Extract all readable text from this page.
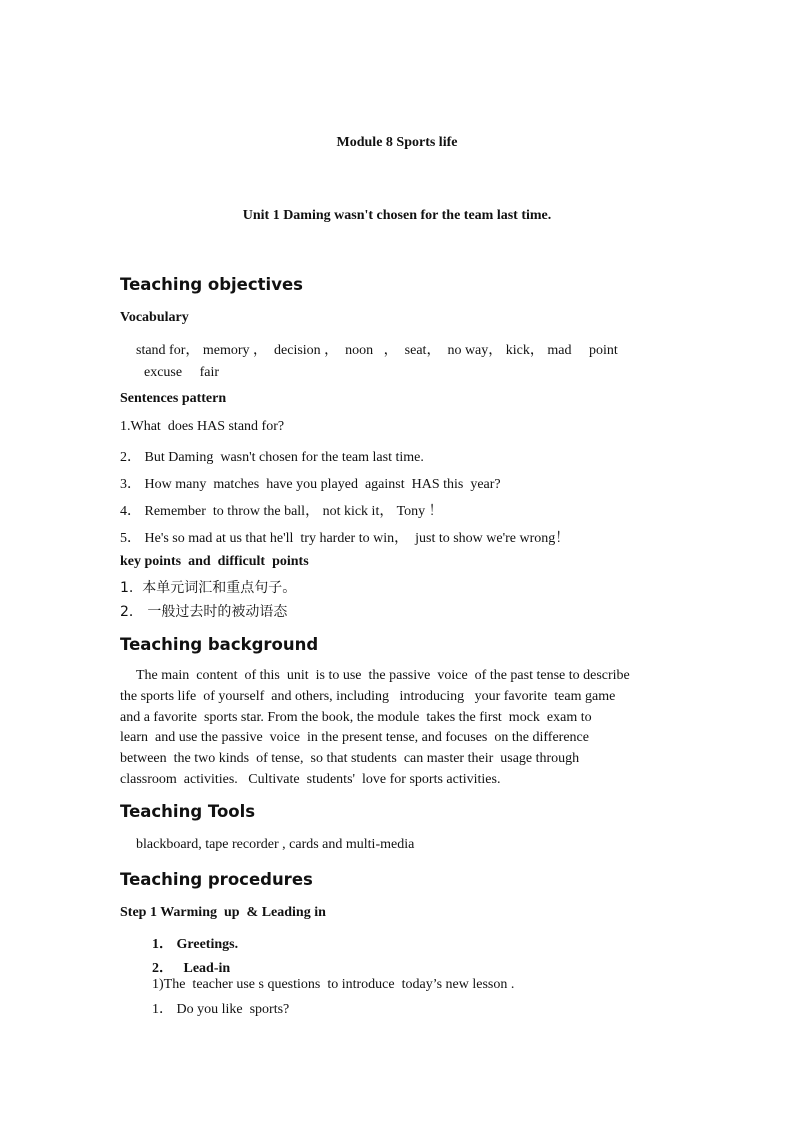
Module 8 Sports life
Unit 1 Daming wasn't chosen for the team last time.
Teaching objectives
Vocabulary
stand for， memory ，  decision ，  noon   ，  seat，  no way， kick， mad     point
excuse     fair
Sentences pattern
1.What  does HAS stand for?
2． But Daming  wasn't chosen for the team last time.
3． How many  matches  have you played  against  HAS this  year?
4． Remember  to throw the ball， not kick it， Tony ！
5． He's so mad at us that he'll  try harder to win，  just to show we're wrong！
key points  and  difficult  points
1.  本单元词汇和重点句子。
2． 一般过去时的被动语态
Teaching background
The main  content  of this  unit  is to use  the passive  voice  of the past tense to describe
the sports life  of yourself  and others, including   introducing   your favorite  team game
and a favorite  sports star. From the book, the module  takes the first  mock  exam to
learn  and use the passive  voice  in the present tense, and focuses  on the difference
between  the two kinds  of tense,  so that students  can master their  usage through
classroom  activities.   Cultivate  students'  love for sports activities.
Teaching Tools
blackboard, tape recorder , cards and multi-media
Teaching procedures
Step 1 Warming  up  & Leading in
1． Greetings.
2．   Lead-in
1)The  teacher use s questions  to introduce  today’s new lesson .
1． Do you like  sports?
